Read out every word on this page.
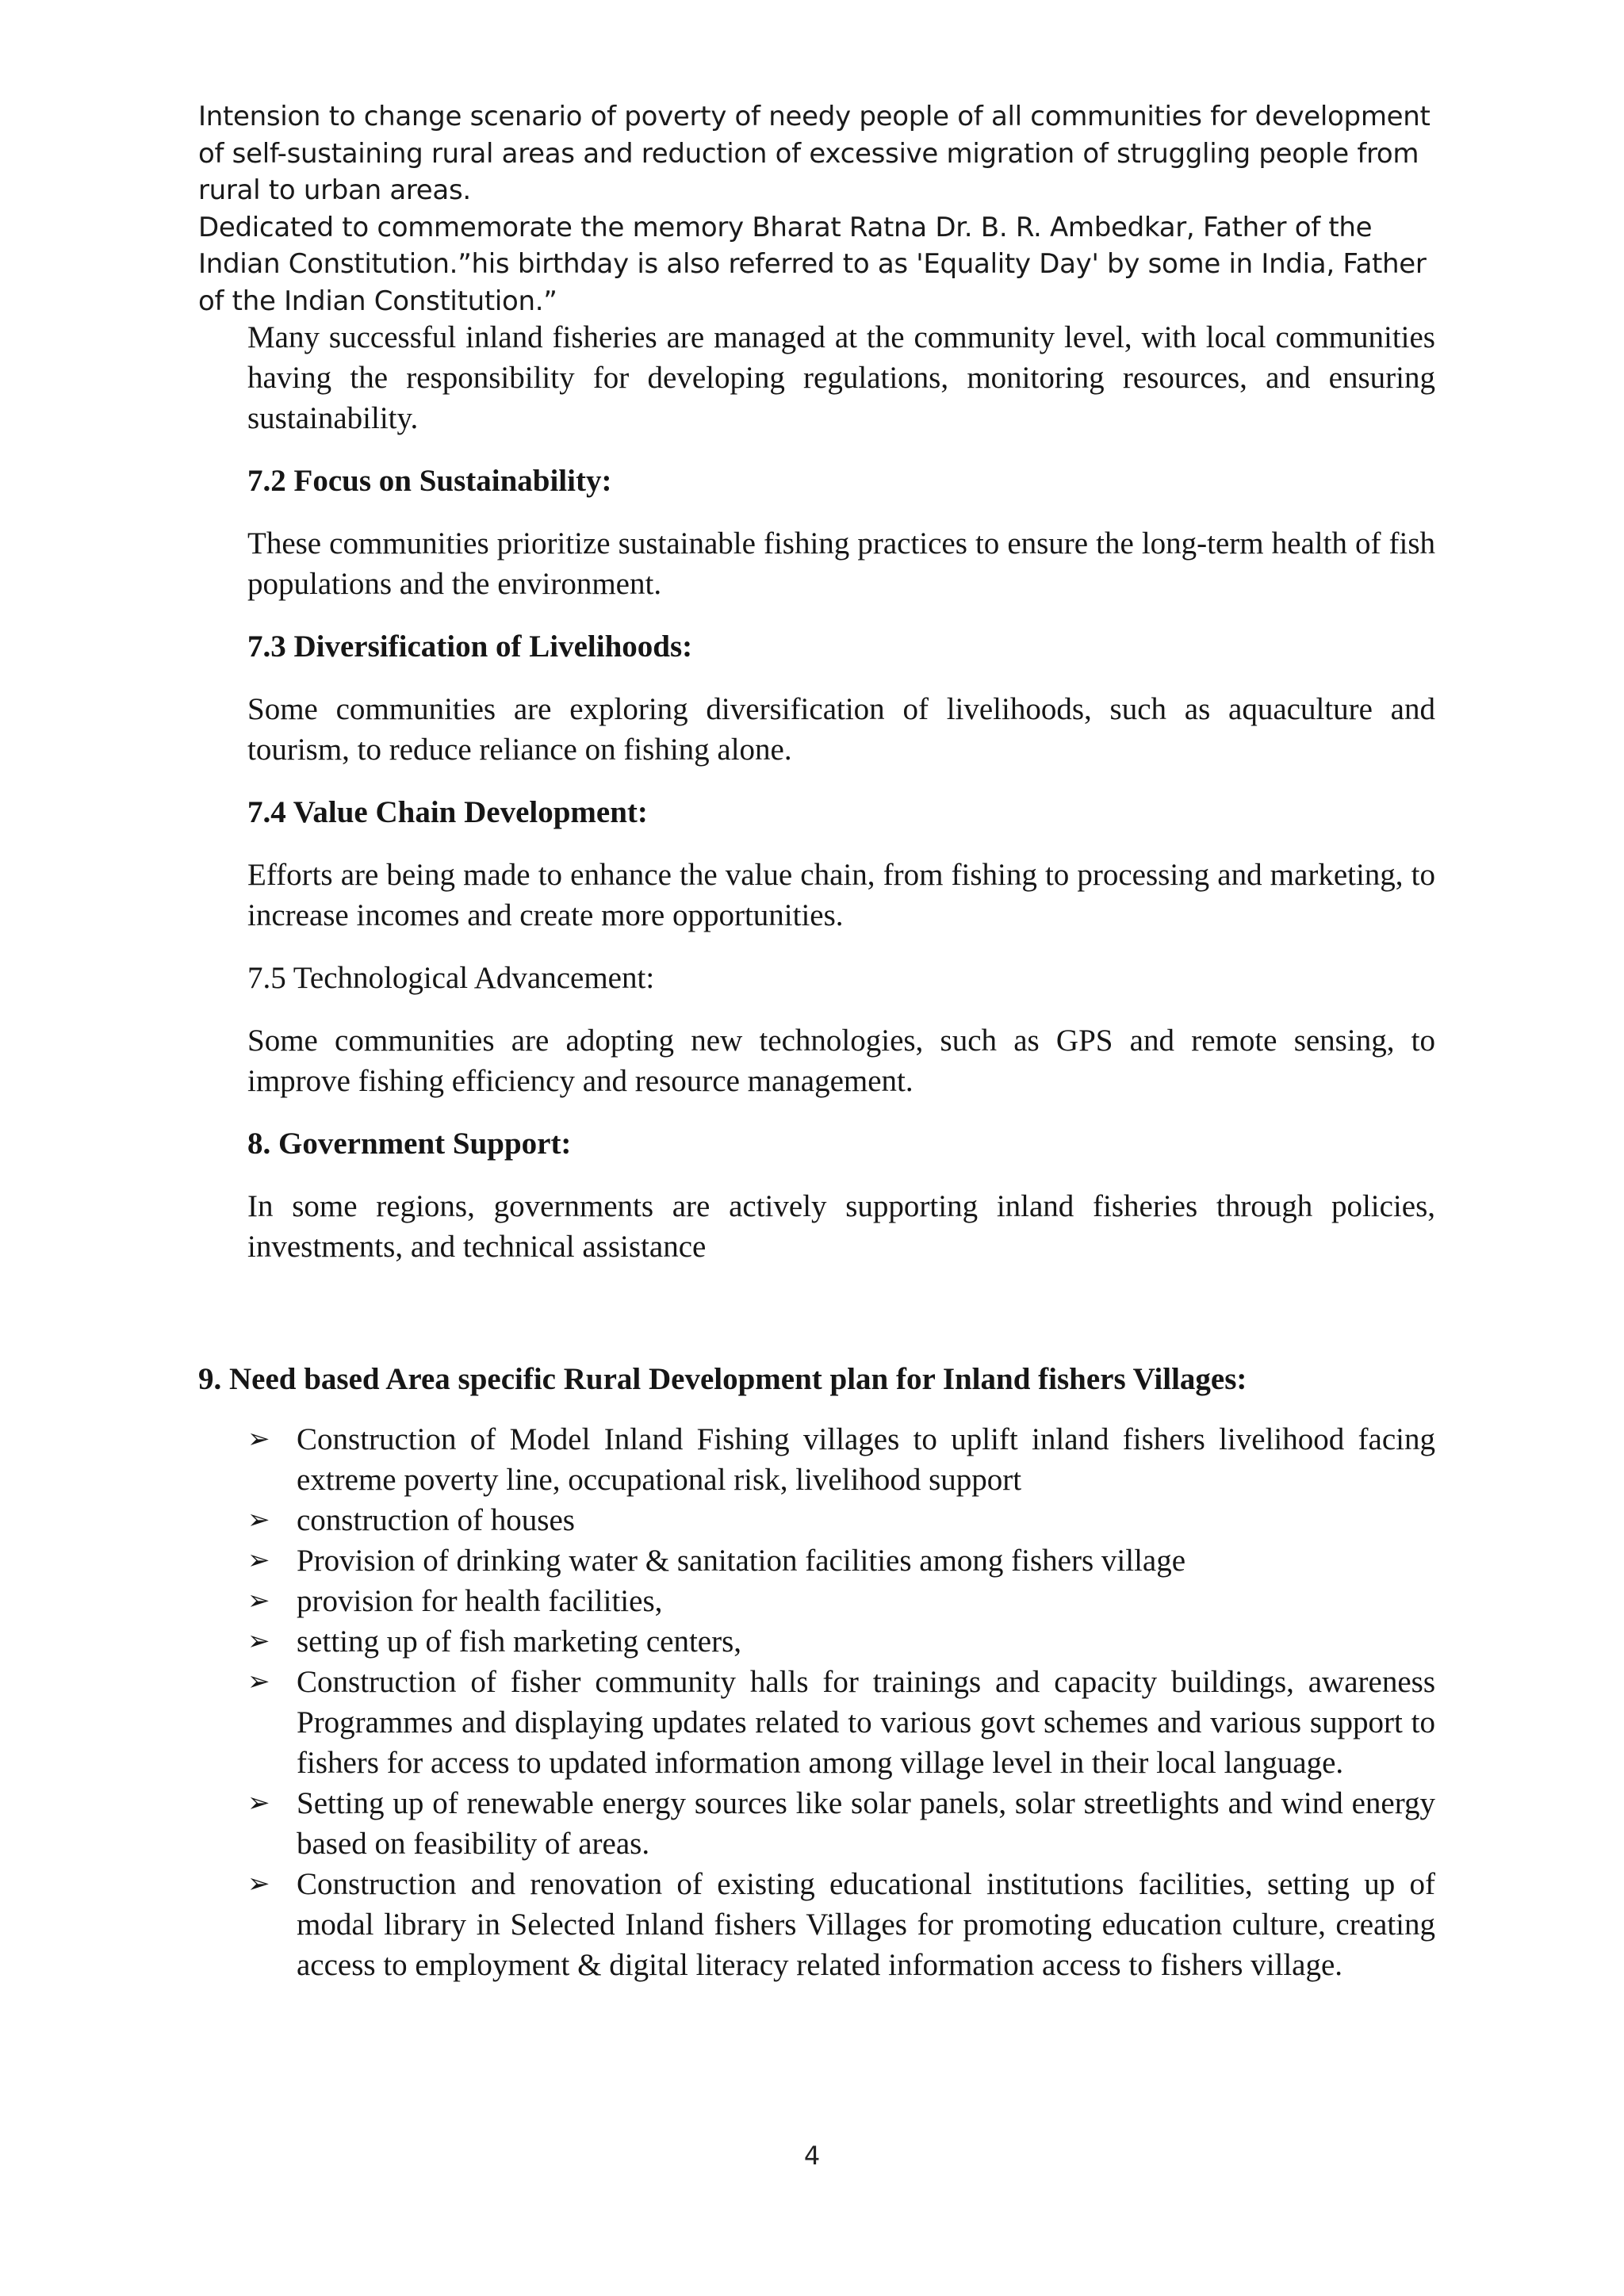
Intension to change scenario of poverty of needy people of all communities for development of self-sustaining rural areas and reduction of excessive migration of struggling people from rural to urban areas.

Dedicated to commemorate the memory Bharat Ratna Dr. B. R. Ambedkar, Father of the Indian Constitution.”his birthday is also referred to as 'Equality Day' by some in India, Father of the Indian Constitution.”

Many successful inland fisheries are managed at the community level, with local communities having the responsibility for developing regulations, monitoring resources, and ensuring sustainability.

7.2 Focus on Sustainability:

These communities prioritize sustainable fishing practices to ensure the long-term health of fish populations and the environment.

7.3 Diversification of Livelihoods:

Some communities are exploring diversification of livelihoods, such as aquaculture and tourism, to reduce reliance on fishing alone.

7.4 Value Chain Development:

Efforts are being made to enhance the value chain, from fishing to processing and marketing, to increase incomes and create more opportunities.

7.5 Technological Advancement:

Some communities are adopting new technologies, such as GPS and remote sensing, to improve fishing efficiency and resource management.

8. Government Support:

In some regions, governments are actively supporting inland fisheries through policies, investments, and technical assistance

9. Need based Area specific Rural Development plan for Inland fishers Villages:
➢ Construction of Model Inland Fishing villages to uplift inland fishers livelihood facing extreme poverty line, occupational risk, livelihood support
➢ construction of houses
➢ Provision of drinking water & sanitation facilities among fishers village
➢ provision for health facilities,
➢ setting up of fish marketing centers,
➢ Construction of fisher community halls for trainings and capacity buildings, awareness Programmes and displaying updates related to various govt schemes and various support to fishers for access to updated information among village level in their local language.
➢ Setting up of renewable energy sources like solar panels, solar streetlights and wind energy based on feasibility of areas.
➢ Construction and renovation of existing educational institutions facilities, setting up of modal library in Selected Inland fishers Villages for promoting education culture, creating access to employment & digital literacy related information access to fishers village.
4
